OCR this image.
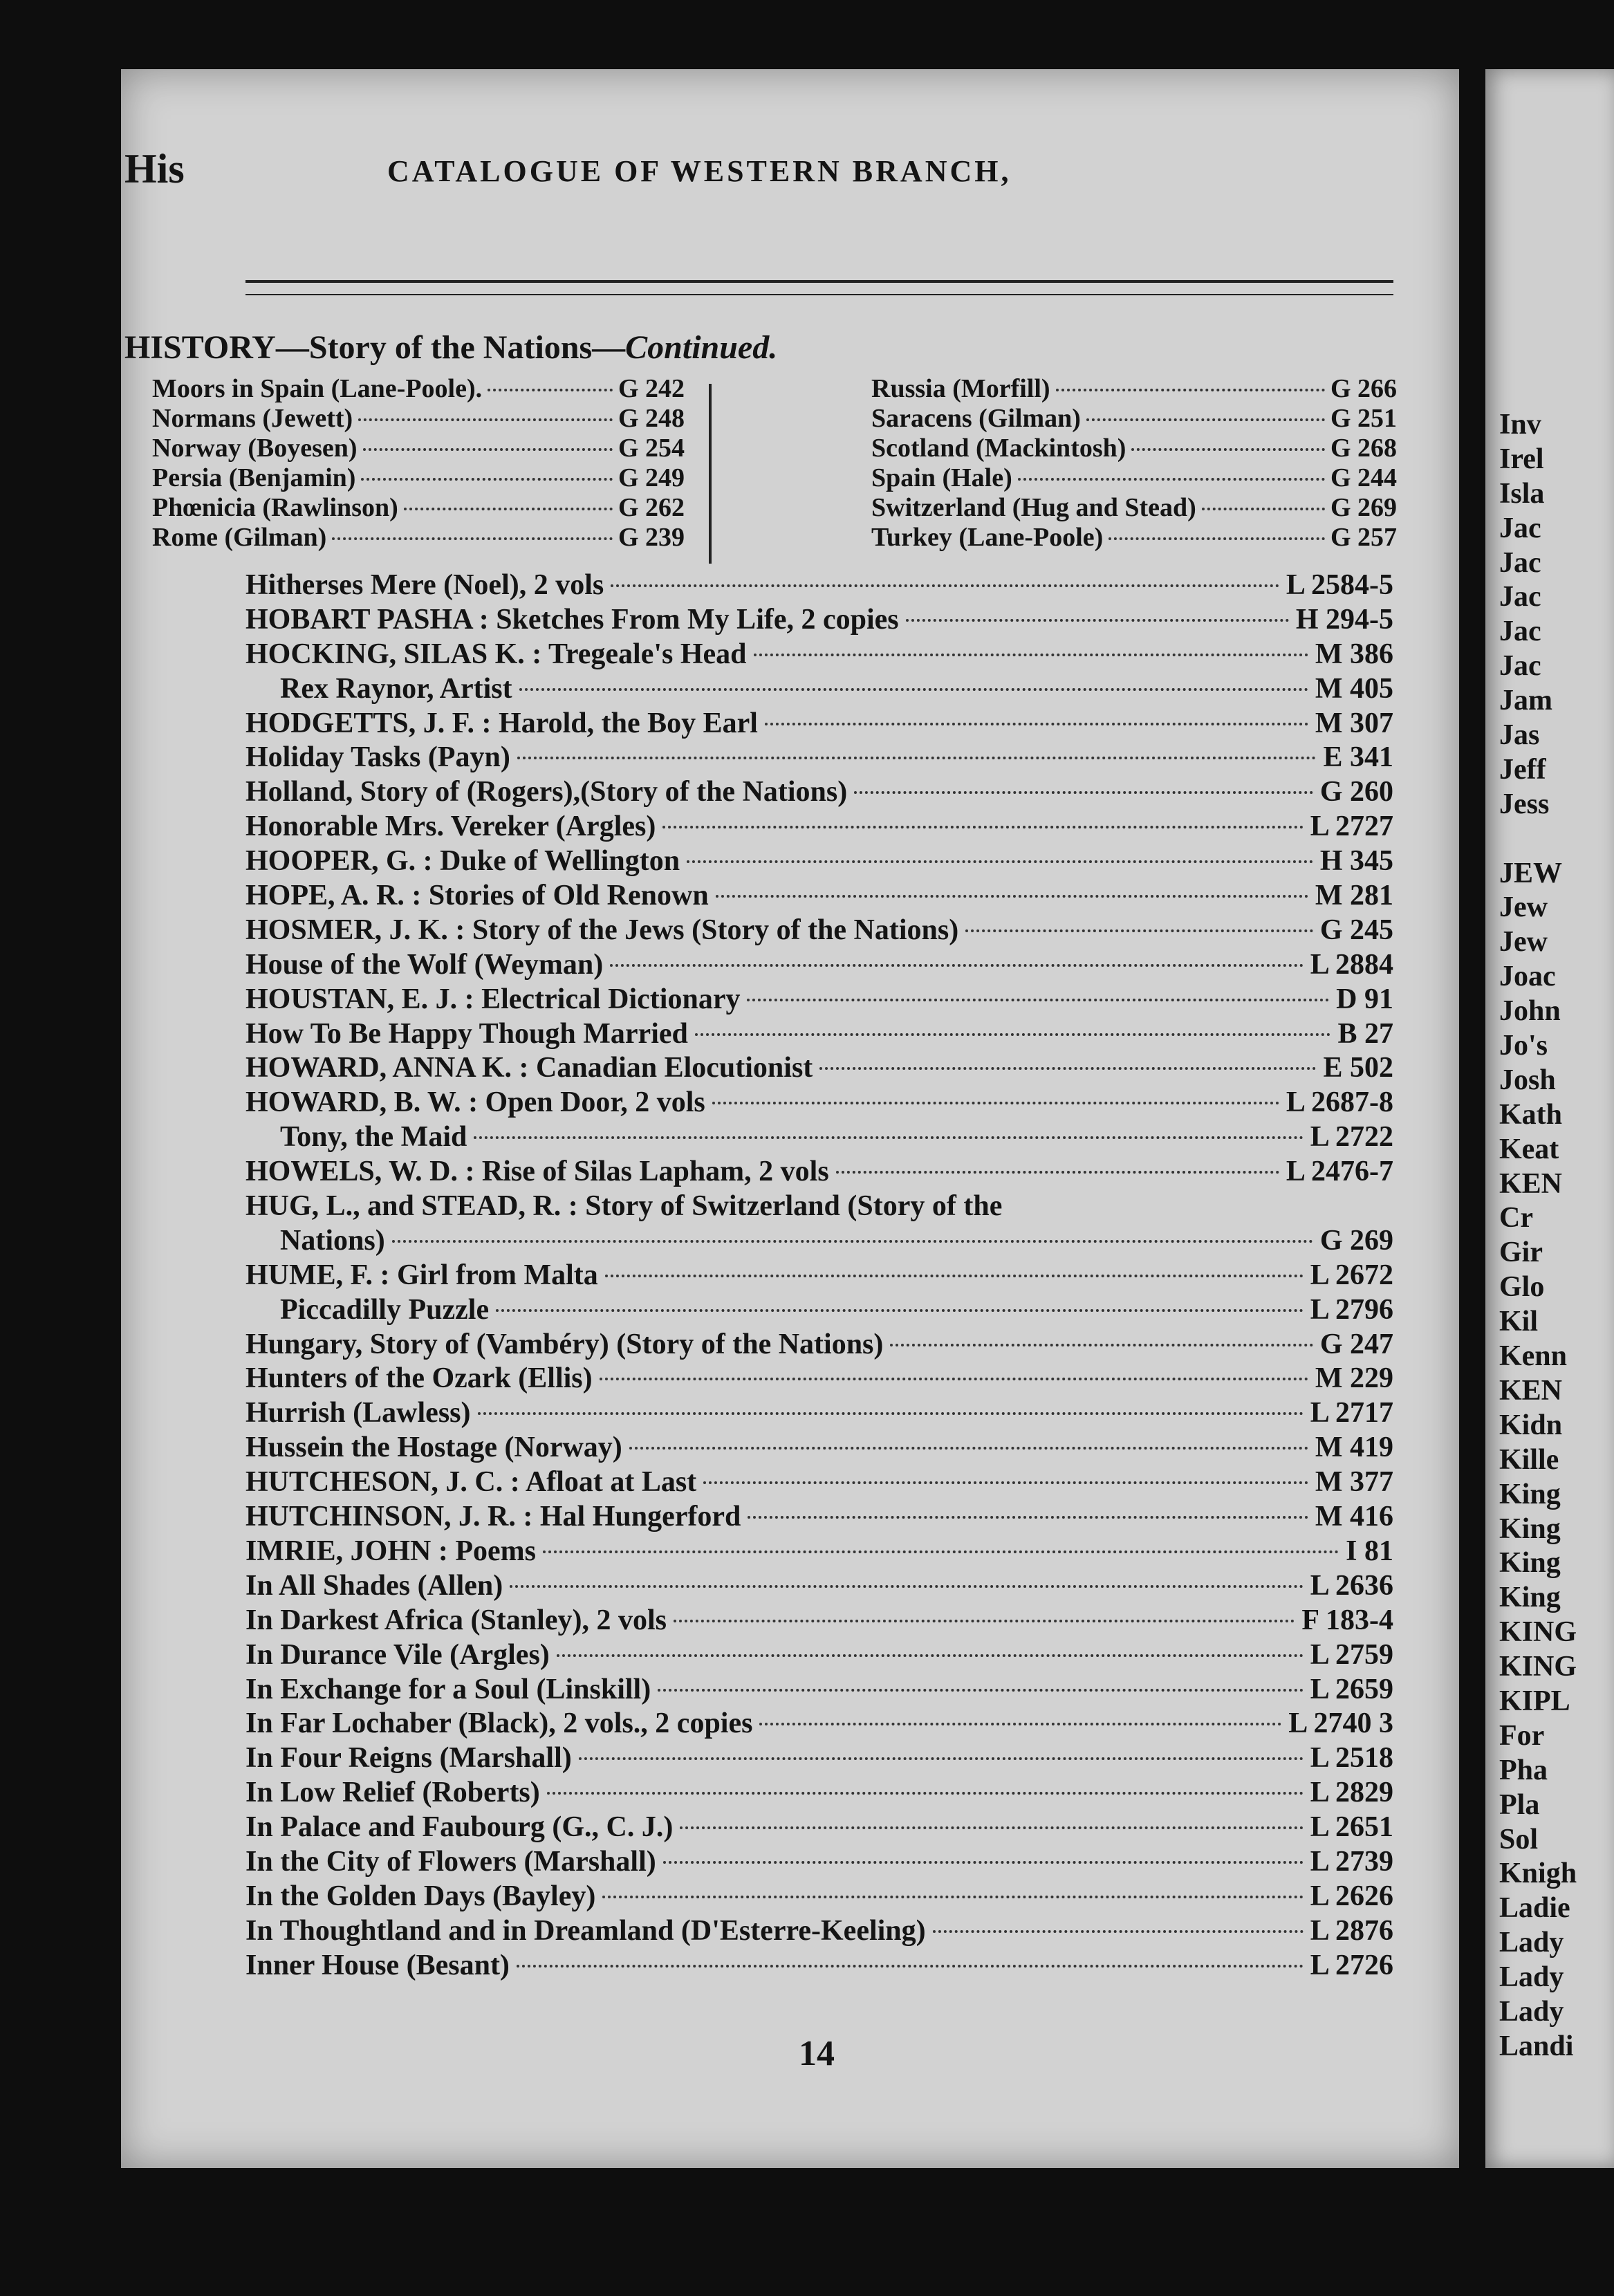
Inv
Irel
Isla
Jac
Jac
Jac
Jac
Jac
Jam
Jas
Jeff
Jess
JEW
Jew
Jew
Joac
John
Jo's
Josh
Kath
Keat
KEN
Cr
Gir
Glo
Kil
Kenn
KEN
Kidn
Kille
King
King
King
King
KING
KING
KIPL
For
Pha
Pla
Sol
Knigh
Ladie
Lady
Lady
Lady
Landi
His	CATALOGUE OF WESTERN BRANCH,
HISTORY—Story of the Nations—Continued.
Moors in Spain (Lane-Poole).	G 242
Normans (Jewett)	G 248
Norway (Boyesen)	G 254
Persia (Benjamin)	G 249
Phœnicia (Rawlinson)	G 262
Rome (Gilman)	G 239
Russia (Morfill)	G 266
Saracens (Gilman)	G 251
Scotland (Mackintosh)	G 268
Spain (Hale)	G 244
Switzerland (Hug and Stead)	G 269
Turkey (Lane-Poole)	G 257
Hitherses Mere (Noel), 2 vols	L 2584-5
HOBART PASHA : Sketches From My Life, 2 copies	H 294-5
HOCKING, SILAS K. : Tregeale's Head	M 386
Rex Raynor, Artist	M 405
HODGETTS, J. F. : Harold, the Boy Earl	M 307
Holiday Tasks (Payn)	E 341
Holland, Story of (Rogers),(Story of the Nations)	G 260
Honorable Mrs. Vereker (Argles)	L 2727
HOOPER, G. : Duke of Wellington	H 345
HOPE, A. R. : Stories of Old Renown	M 281
HOSMER, J. K. : Story of the Jews (Story of the Nations)	G 245
House of the Wolf (Weyman)	L 2884
HOUSTAN, E. J. : Electrical Dictionary	D 91
How To Be Happy Though Married	B 27
HOWARD, ANNA K. : Canadian Elocutionist	E 502
HOWARD, B. W. : Open Door, 2 vols	L 2687-8
Tony, the Maid	L 2722
HOWELS, W. D. : Rise of Silas Lapham, 2 vols	L 2476-7
HUG, L., and STEAD, R. : Story of Switzerland (Story of the
Nations)	G 269
HUME, F. : Girl from Malta	L 2672
Piccadilly Puzzle	L 2796
Hungary, Story of (Vambéry) (Story of the Nations)	G 247
Hunters of the Ozark (Ellis)	M 229
Hurrish (Lawless)	L 2717
Hussein the Hostage (Norway)	M 419
HUTCHESON, J. C. : Afloat at Last	M 377
HUTCHINSON, J. R. : Hal Hungerford	M 416
IMRIE, JOHN : Poems	I 81
In All Shades (Allen)	L 2636
In Darkest Africa (Stanley), 2 vols	F 183-4
In Durance Vile (Argles)	L 2759
In Exchange for a Soul (Linskill)	L 2659
In Far Lochaber (Black), 2 vols., 2 copies	L 2740 3
In Four Reigns (Marshall)	L 2518
In Low Relief (Roberts)	L 2829
In Palace and Faubourg (G., C. J.)	L 2651
In the City of Flowers (Marshall)	L 2739
In the Golden Days (Bayley)	L 2626
In Thoughtland and in Dreamland (D'Esterre-Keeling)	L 2876
Inner House (Besant)	L 2726
14
